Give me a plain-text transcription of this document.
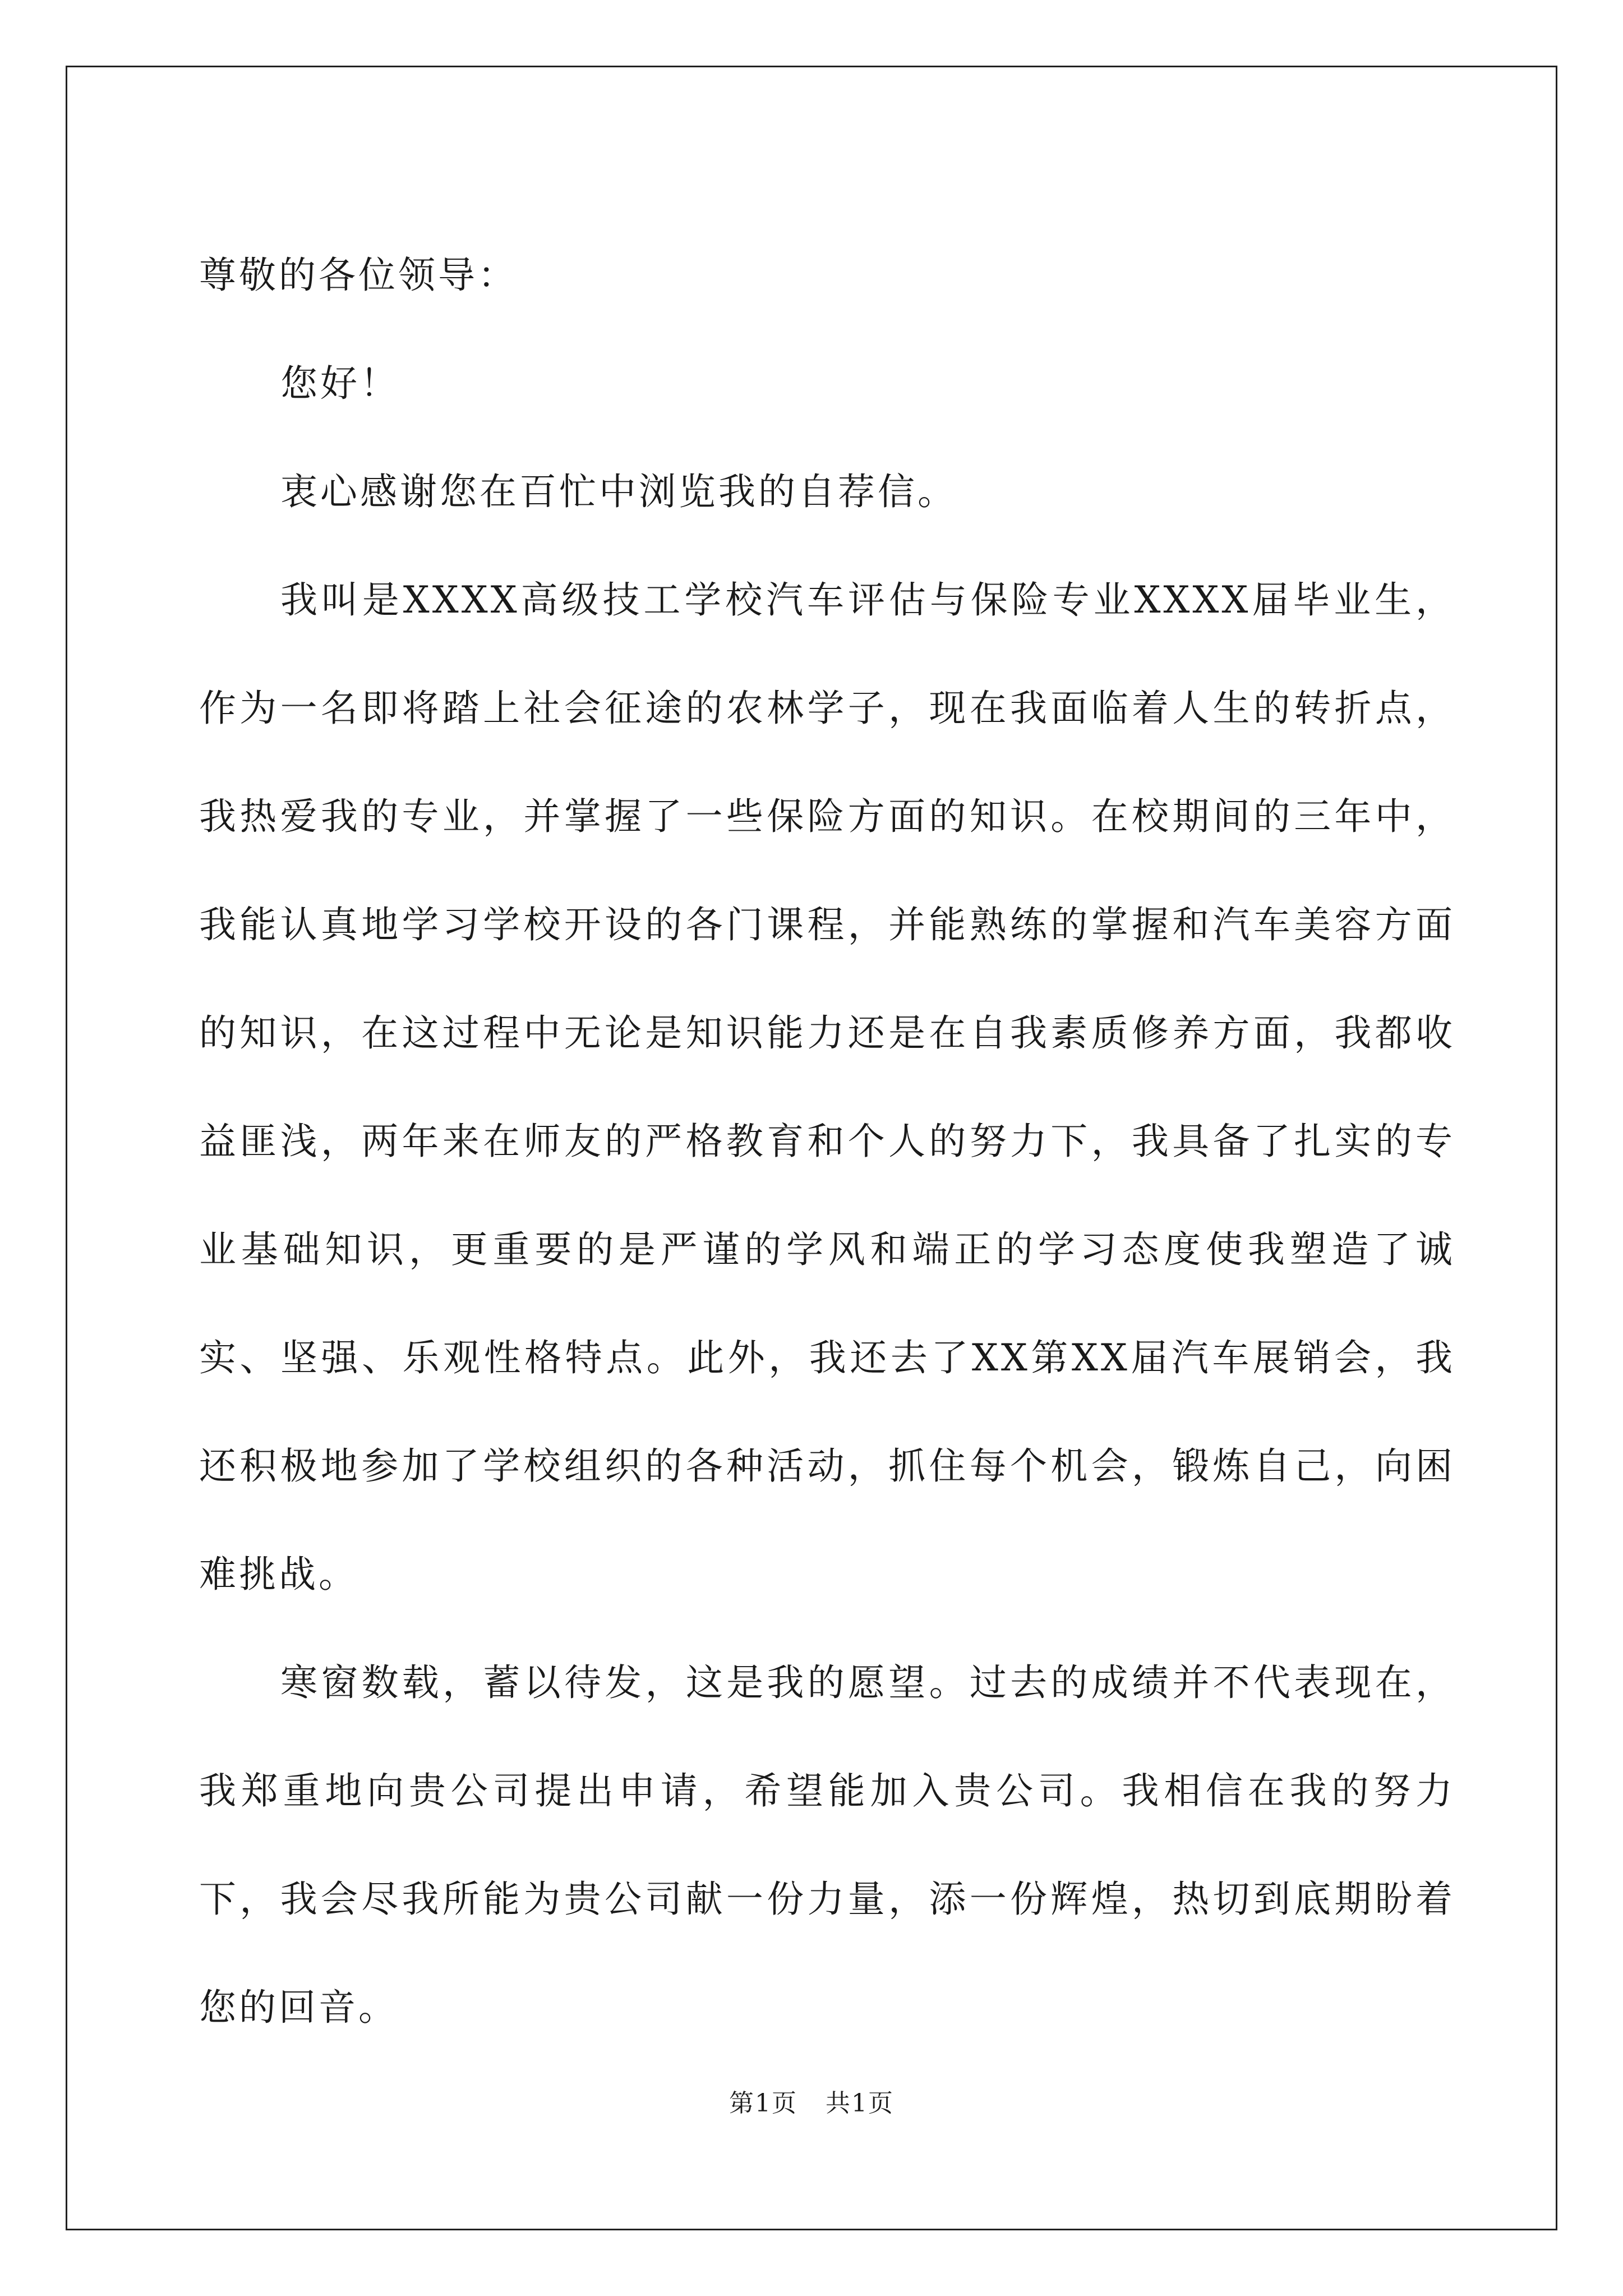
尊敬的各位领导：

您好！

衷心感谢您在百忙中浏览我的自荐信。

我叫是XXXX高级技工学校汽车评估与保险专业XXXX届毕业生，作为一名即将踏上社会征途的农林学子，现在我面临着人生的转折点，我热爱我的专业，并掌握了一些保险方面的知识。在校期间的三年中，我能认真地学习学校开设的各门课程，并能熟练的掌握和汽车美容方面的知识，在这过程中无论是知识能力还是在自我素质修养方面，我都收益匪浅，两年来在师友的严格教育和个人的努力下，我具备了扎实的专业基础知识，更重要的是严谨的学风和端正的学习态度使我塑造了诚实、坚强、乐观性格特点。此外，我还去了XX第XX届汽车展销会，我还积极地参加了学校组织的各种活动，抓住每个机会，锻炼自己，向困难挑战。

寒窗数载，蓄以待发，这是我的愿望。过去的成绩并不代表现在，我郑重地向贵公司提出申请，希望能加入贵公司。我相信在我的努力下，我会尽我所能为贵公司献一份力量，添一份辉煌，热切到底期盼着您的回音。

第1页 共1页
